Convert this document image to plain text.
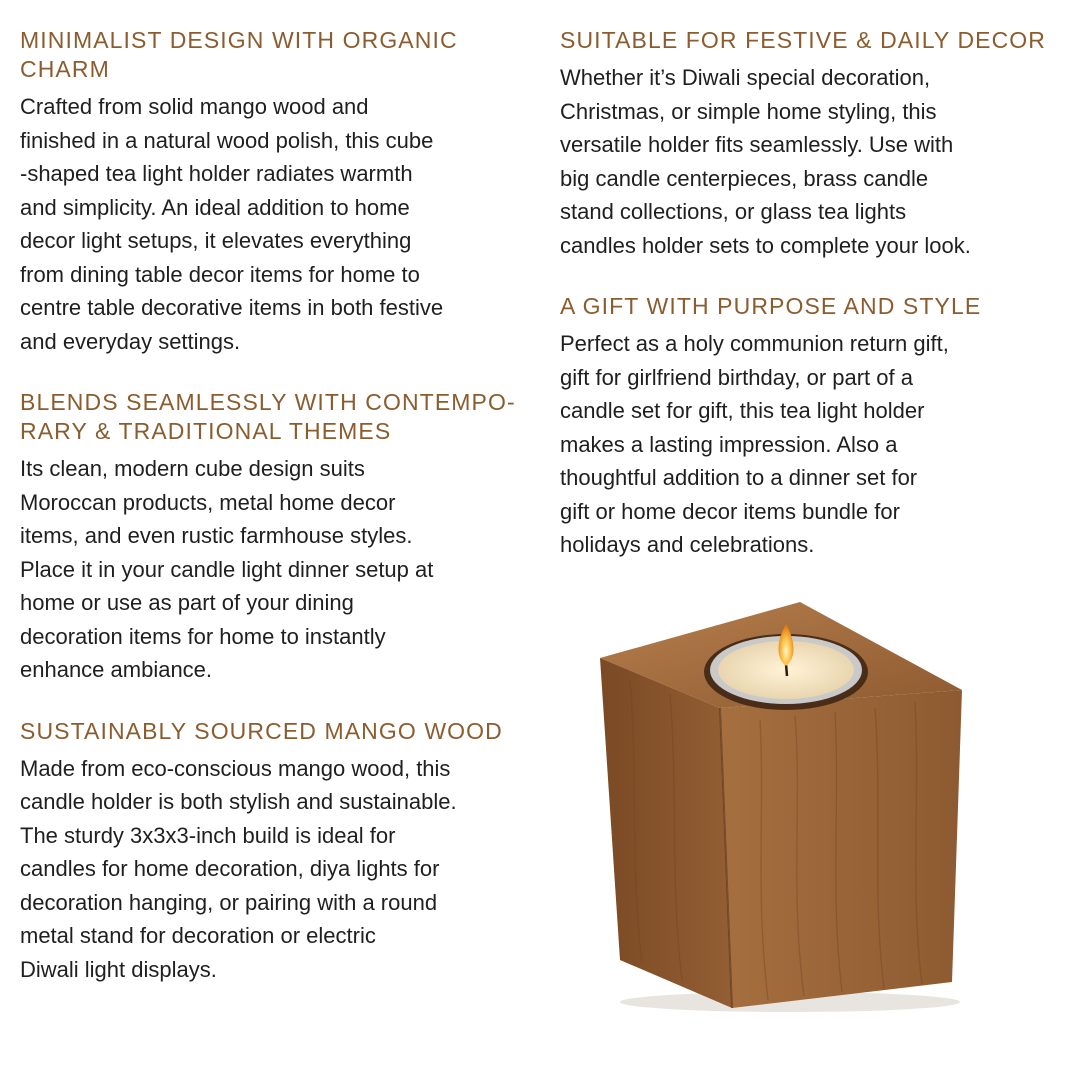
MINIMALIST DESIGN WITH ORGANIC
CHARM

Crafted from solid mango wood and
finished in a natural wood polish, this cube
-shaped tea light holder radiates warmth
and simplicity. An ideal addition to home
decor light setups, it elevates everything
from dining table decor items for home to
centre table decorative items in both festive
and everyday settings.

BLENDS SEAMLESSLY WITH CONTEMPO-
RARY & TRADITIONAL THEMES

Its clean, modern cube design suits
Moroccan products, metal home decor
items, and even rustic farmhouse styles.
Place it in your candle light dinner setup at
home or use as part of your dining
decoration items for home to instantly
enhance ambiance.

SUSTAINABLY SOURCED MANGO WOOD

Made from eco-conscious mango wood, this
candle holder is both stylish and sustainable.
The sturdy 3x3x3-inch build is ideal for
candles for home decoration, diya lights for
decoration hanging, or pairing with a round
metal stand for decoration or electric
Diwali light displays.

SUITABLE FOR FESTIVE & DAILY DECOR

Whether it’s Diwali special decoration,
Christmas, or simple home styling, this
versatile holder fits seamlessly. Use with
big candle centerpieces, brass candle
stand collections, or glass tea lights
candles holder sets to complete your look.

A GIFT WITH PURPOSE AND STYLE

Perfect as a holy communion return gift,
gift for girlfriend birthday, or part of a
candle set for gift, this tea light holder
makes a lasting impression. Also a
thoughtful addition to a dinner set for
gift or home decor items bundle for
holidays and celebrations.
